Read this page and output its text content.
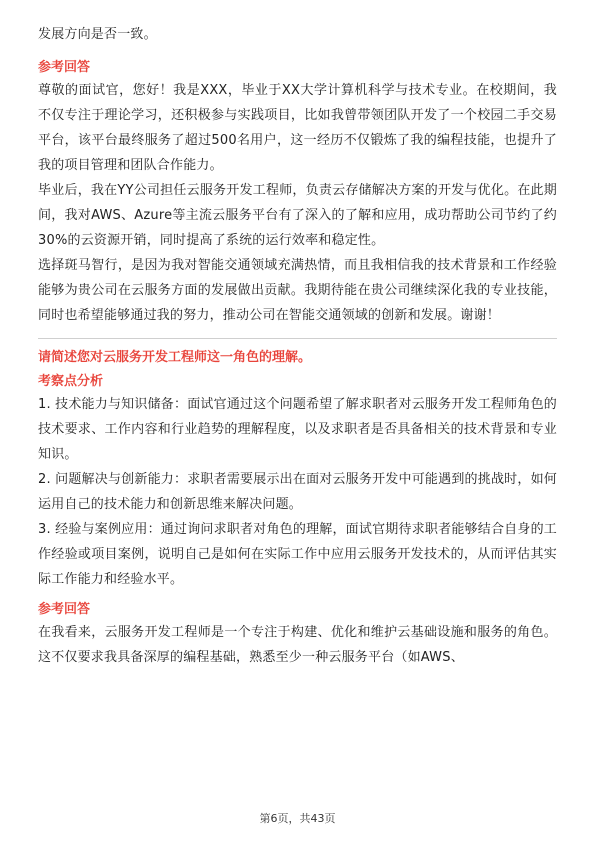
发展方向是否一致。

参考回答

尊敬的面试官，您好！我是XXX，毕业于XX大学计算机科学与技术专业。在校期间，我不仅专注于理论学习，还积极参与实践项目，比如我曾带领团队开发了一个校园二手交易平台，该平台最终服务了超过500名用户，这一经历不仅锻炼了我的编程技能，也提升了我的项目管理和团队合作能力。

毕业后，我在YY公司担任云服务开发工程师，负责云存储解决方案的开发与优化。在此期间，我对AWS、Azure等主流云服务平台有了深入的了解和应用，成功帮助公司节约了约30%的云资源开销，同时提高了系统的运行效率和稳定性。

选择斑马智行，是因为我对智能交通领域充满热情，而且我相信我的技术背景和工作经验能够为贵公司在云服务方面的发展做出贡献。我期待能在贵公司继续深化我的专业技能，同时也希望能够通过我的努力，推动公司在智能交通领域的创新和发展。谢谢！

请简述您对云服务开发工程师这一角色的理解。

考察点分析

1. 技术能力与知识储备：面试官通过这个问题希望了解求职者对云服务开发工程师角色的技术要求、工作内容和行业趋势的理解程度，以及求职者是否具备相关的技术背景和专业知识。

2. 问题解决与创新能力：求职者需要展示出在面对云服务开发中可能遇到的挑战时，如何运用自己的技术能力和创新思维来解决问题。

3. 经验与案例应用：通过询问求职者对角色的理解，面试官期待求职者能够结合自身的工作经验或项目案例，说明自己是如何在实际工作中应用云服务开发技术的，从而评估其实际工作能力和经验水平。

参考回答

在我看来，云服务开发工程师是一个专注于构建、优化和维护云基础设施和服务的角色。这不仅要求我具备深厚的编程基础，熟悉至少一种云服务平台（如AWS、

第6页，共43页
